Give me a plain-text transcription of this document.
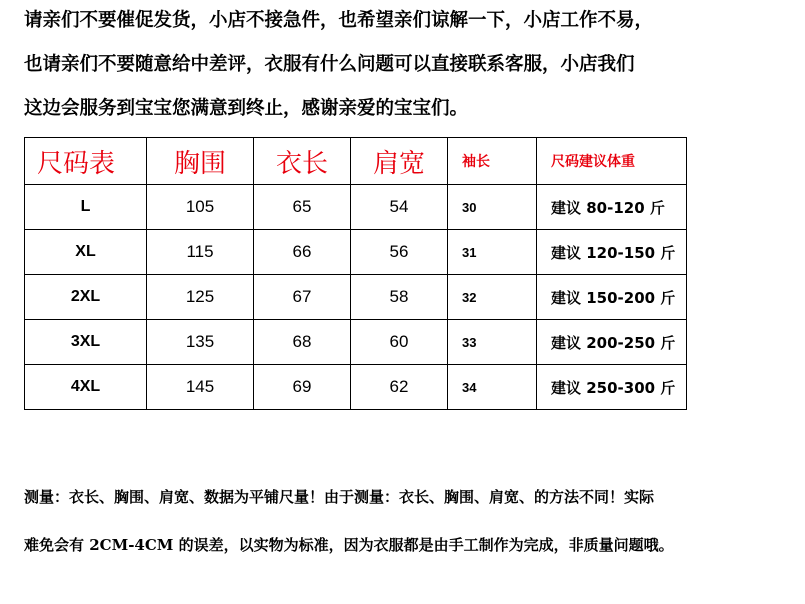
请亲们不要催促发货，小店不接急件，也希望亲们谅解一下，小店工作不易，

也请亲们不要随意给中差评，衣服有什么问题可以直接联系客服，小店我们

这边会服务到宝宝您满意到终止，感谢亲爱的宝宝们。

尺码表	胸围	衣长	肩宽	袖长	尺码建议体重
L	105	65	54	30	建议 80-120 斤
XL	115	66	56	31	建议 120-150 斤
2XL	125	67	58	32	建议 150-200 斤
3XL	135	68	60	33	建议 200-250 斤
4XL	145	69	62	34	建议 250-300 斤

测量：衣长、胸围、肩宽、数据为平铺尺量！由于测量：衣长、胸围、肩宽、的方法不同！实际

难免会有 2CM-4CM 的误差，以实物为标准，因为衣服都是由手工制作为完成，非质量问题哦。
